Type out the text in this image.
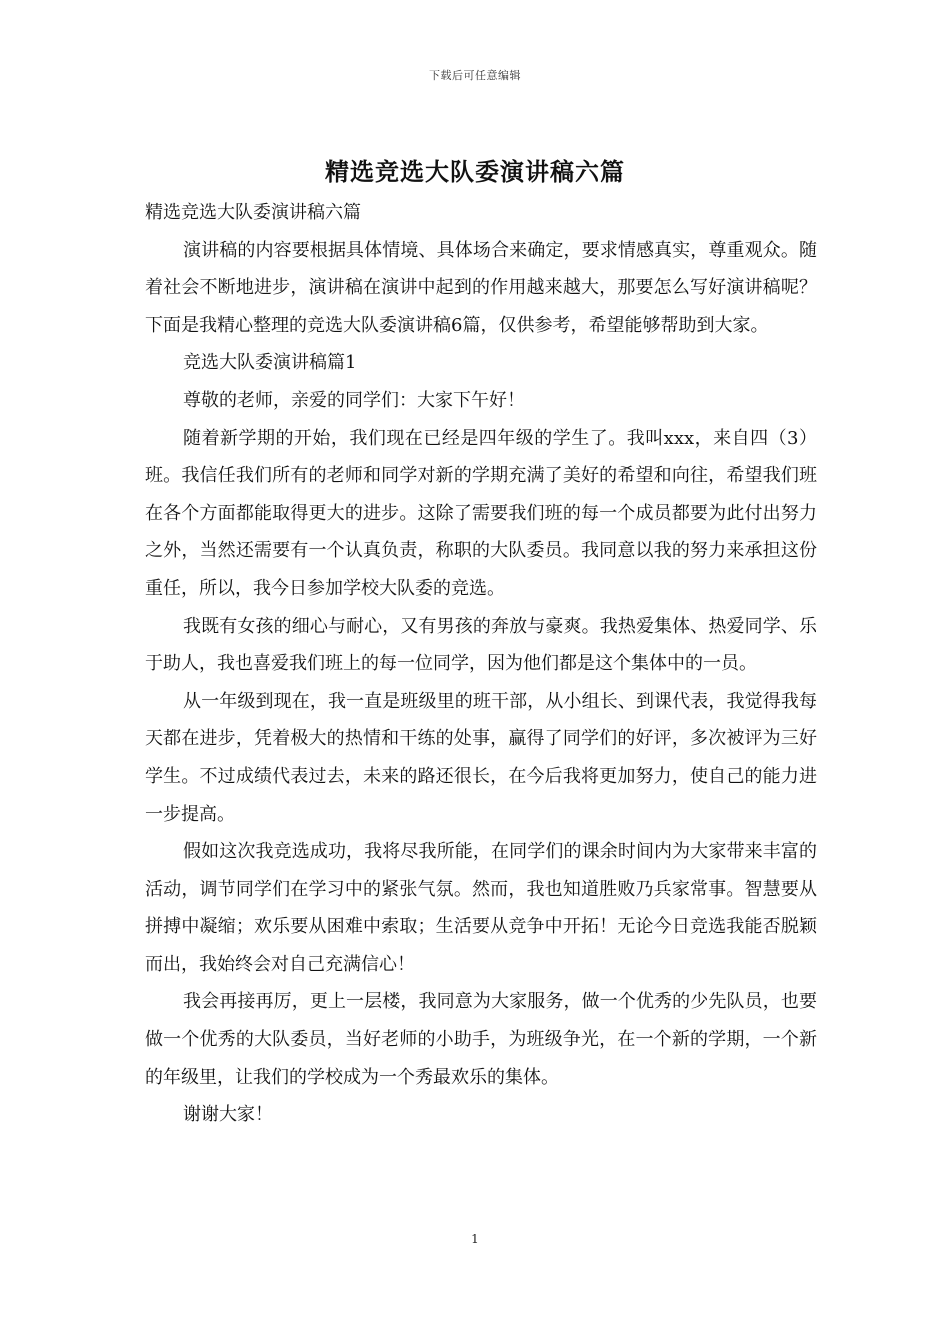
下载后可任意编辑
精选竞选大队委演讲稿六篇

精选竞选大队委演讲稿六篇

演讲稿的内容要根据具体情境、具体场合来确定，要求情感真实，尊重观众。随着社会不断地进步，演讲稿在演讲中起到的作用越来越大，那要怎么写好演讲稿呢？下面是我精心整理的竞选大队委演讲稿6篇，仅供参考，希望能够帮助到大家。

竞选大队委演讲稿篇1

尊敬的老师，亲爱的同学们：大家下午好！

随着新学期的开始，我们现在已经是四年级的学生了。我叫xxx，来自四（3）班。我信任我们所有的老师和同学对新的学期充满了美好的希望和向往，希望我们班在各个方面都能取得更大的进步。这除了需要我们班的每一个成员都要为此付出努力之外，当然还需要有一个认真负责，称职的大队委员。我同意以我的努力来承担这份重任，所以，我今日参加学校大队委的竞选。

我既有女孩的细心与耐心，又有男孩的奔放与豪爽。我热爱集体、热爱同学、乐于助人，我也喜爱我们班上的每一位同学，因为他们都是这个集体中的一员。

从一年级到现在，我一直是班级里的班干部，从小组长、到课代表，我觉得我每天都在进步，凭着极大的热情和干练的处事，赢得了同学们的好评，多次被评为三好学生。不过成绩代表过去，未来的路还很长，在今后我将更加努力，使自己的能力进一步提高。

假如这次我竞选成功，我将尽我所能，在同学们的课余时间内为大家带来丰富的活动，调节同学们在学习中的紧张气氛。然而，我也知道胜败乃兵家常事。智慧要从拼搏中凝缩；欢乐要从困难中索取；生活要从竞争中开拓！无论今日竞选我能否脱颖而出，我始终会对自己充满信心！

我会再接再厉，更上一层楼，我同意为大家服务，做一个优秀的少先队员，也要做一个优秀的大队委员，当好老师的小助手，为班级争光，在一个新的学期，一个新的年级里，让我们的学校成为一个秀最欢乐的集体。

谢谢大家！

1
